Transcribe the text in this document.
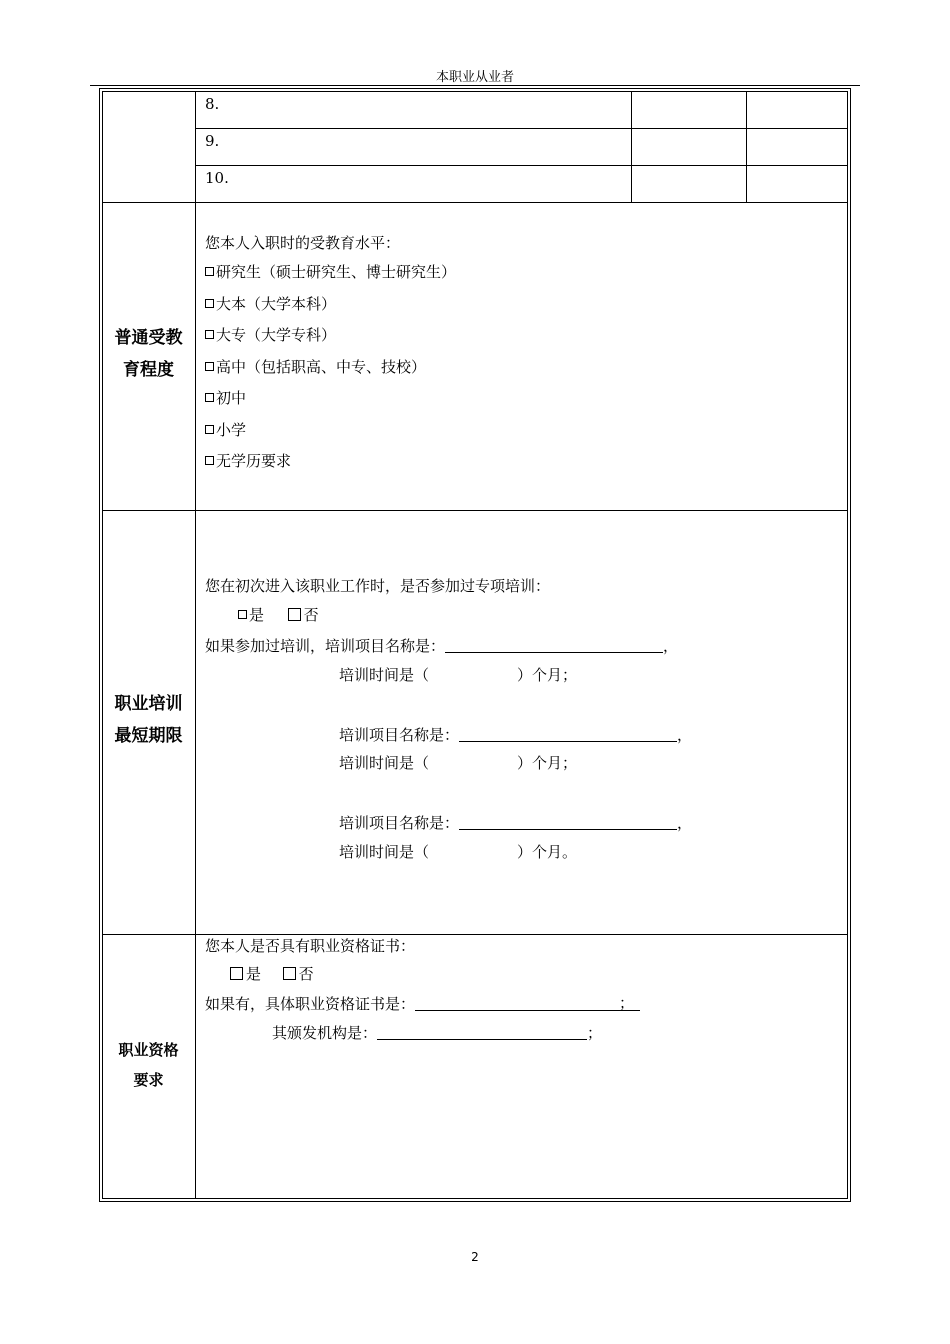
本职业从业者
8.
9.
10.
普通受教
育程度
您本人入职时的受教育水平：
研究生（硕士研究生、博士研究生）
大本（大学本科）
大专（大学专科）
高中（包括职高、中专、技校）
初中
小学
无学历要求
职业培训
最短期限
您在初次进入该职业工作时，是否参加过专项培训：
是	否
如果参加过培训，培训项目名称是：	，
培训时间是（	）个月；
培训项目名称是：	，
培训时间是（	）个月；
培训项目名称是：	，
培训时间是（	）个月。
职业资格
要求
您本人是否具有职业资格证书：
是	否
如果有，具体职业资格证书是：	；
其颁发机构是：	；
2
